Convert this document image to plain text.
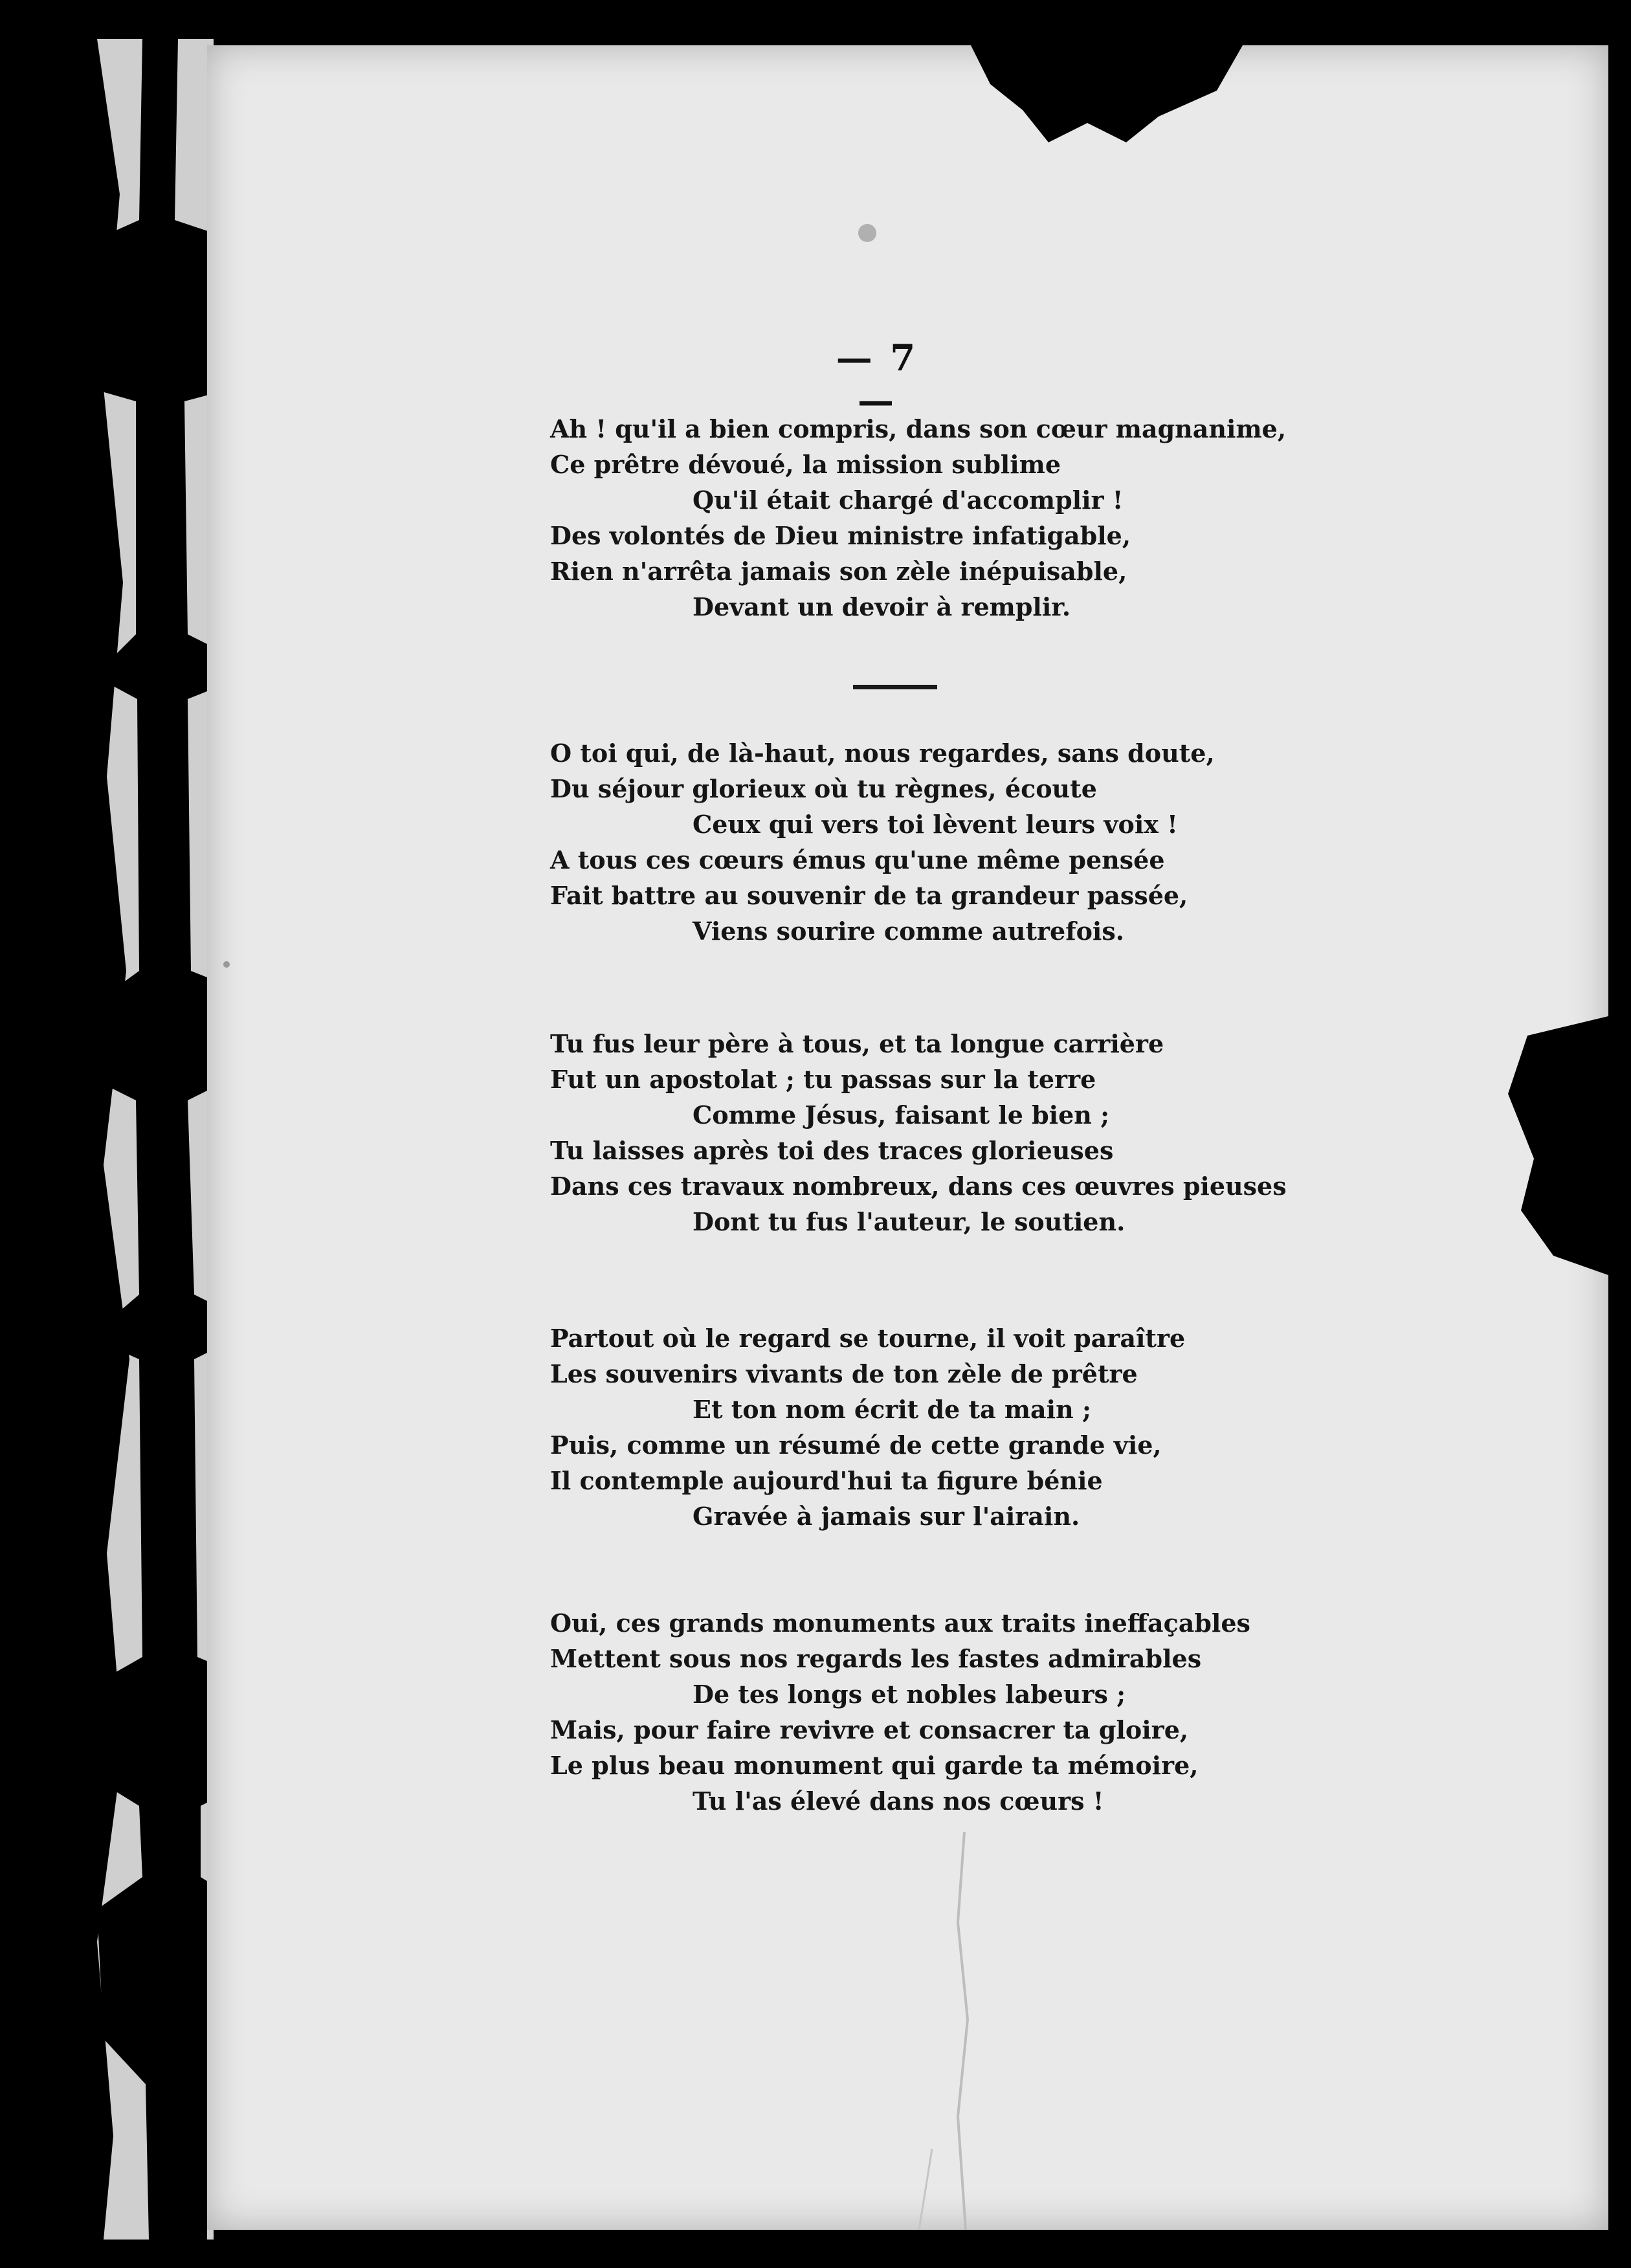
— 7 —
Ah ! qu'il a bien compris, dans son cœur magnanime,
Ce prêtre dévoué, la mission sublime
Qu'il était chargé d'accomplir !
Des volontés de Dieu ministre infatigable,
Rien n'arrêta jamais son zèle inépuisable,
Devant un devoir à remplir.
O toi qui, de là-haut, nous regardes, sans doute,
Du séjour glorieux où tu règnes, écoute
Ceux qui vers toi lèvent leurs voix !
A tous ces cœurs émus qu'une même pensée
Fait battre au souvenir de ta grandeur passée,
Viens sourire comme autrefois.
Tu fus leur père à tous, et ta longue carrière
Fut un apostolat ; tu passas sur la terre
Comme Jésus, faisant le bien ;
Tu laisses après toi des traces glorieuses
Dans ces travaux nombreux, dans ces œuvres pieuses
Dont tu fus l'auteur, le soutien.
Partout où le regard se tourne, il voit paraître
Les souvenirs vivants de ton zèle de prêtre
Et ton nom écrit de ta main ;
Puis, comme un résumé de cette grande vie,
Il contemple aujourd'hui ta figure bénie
Gravée à jamais sur l'airain.
Oui, ces grands monuments aux traits ineffaçables
Mettent sous nos regards les fastes admirables
De tes longs et nobles labeurs ;
Mais, pour faire revivre et consacrer ta gloire,
Le plus beau monument qui garde ta mémoire,
Tu l'as élevé dans nos cœurs !
